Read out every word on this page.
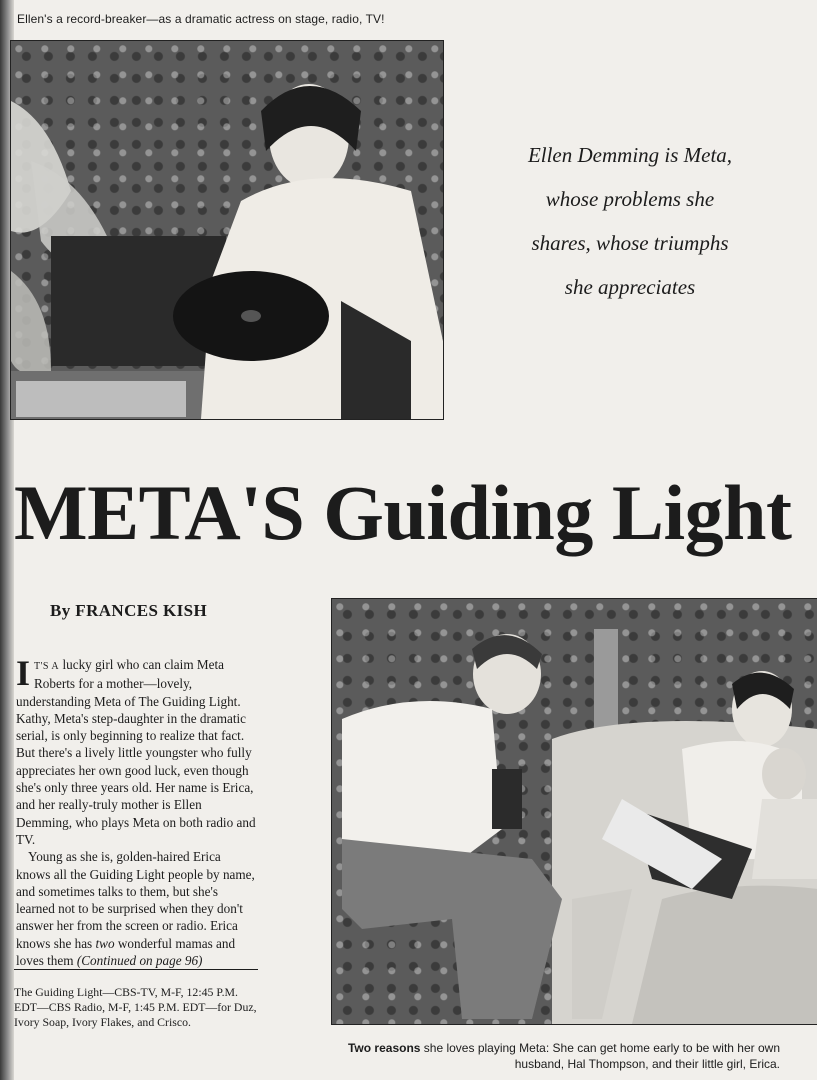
Ellen's a record-breaker—as a dramatic actress on stage, radio, TV!
Ellen Demming is Meta,
whose problems she
shares, whose triumphs
she appreciates
META'S Guiding Light
By FRANCES KISH

I T'S A lucky girl who can claim Meta Roberts for a mother—lovely, understanding Meta of The Guiding Light. Kathy, Meta's step-daughter in the dramatic serial, is only beginning to realize that fact. But there's a lively little youngster who fully appreciates her own good luck, even though she's only three years old. Her name is Erica, and her really-truly mother is Ellen Demming, who plays Meta on both radio and TV.

Young as she is, golden-haired Erica knows all the Guiding Light people by name, and sometimes talks to them, but she's learned not to be surprised when they don't answer her from the screen or radio. Erica knows she has two wonderful mamas and loves them (Continued on page 96)

The Guiding Light—CBS-TV, M-F, 12:45 P.M. EDT—CBS Radio, M-F, 1:45 P.M. EDT—for Duz, Ivory Soap, Ivory Flakes, and Crisco.
Two reasons she loves playing Meta: She can get home early to be with her own husband, Hal Thompson, and their little girl, Erica.
